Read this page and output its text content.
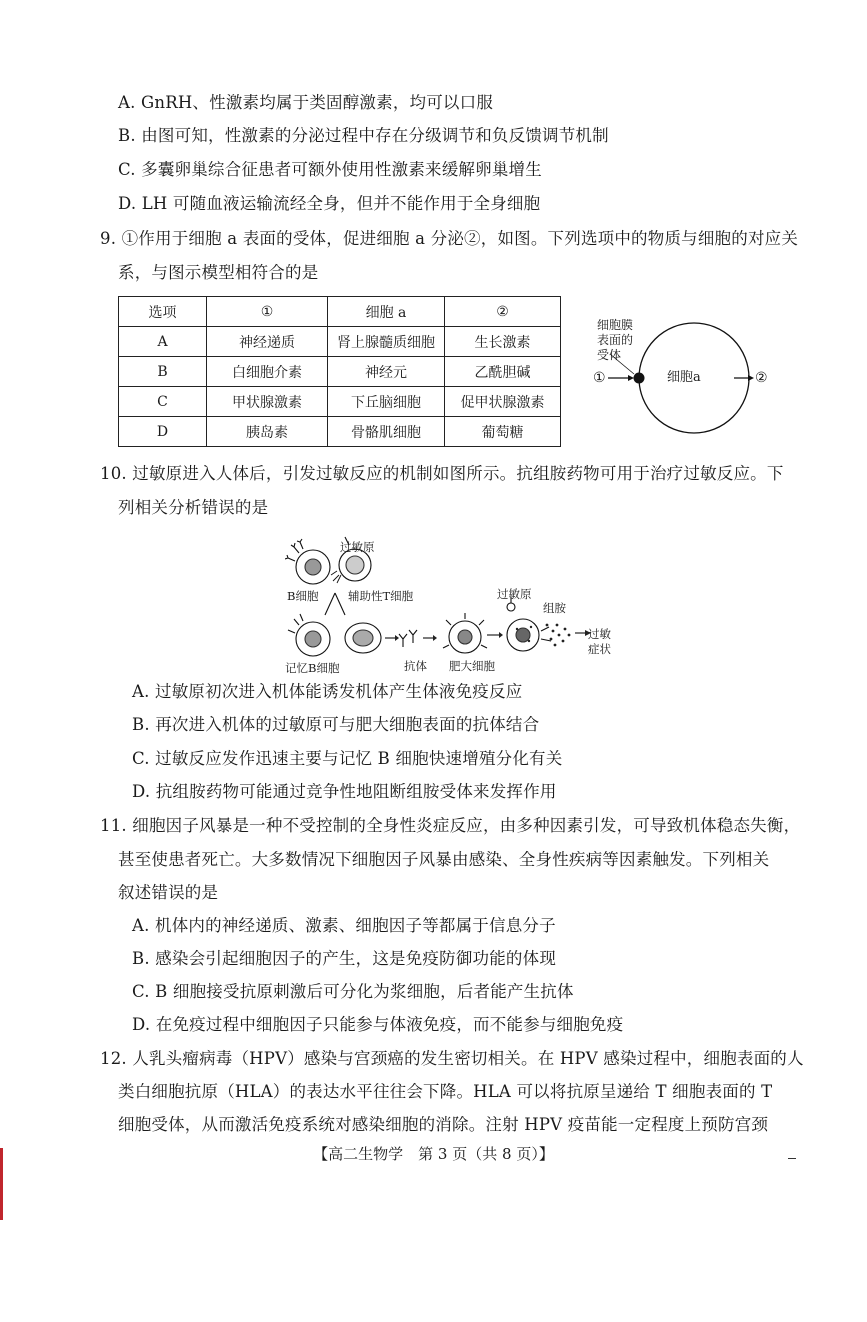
A. GnRH、性激素均属于类固醇激素，均可以口服
B. 由图可知，性激素的分泌过程中存在分级调节和负反馈调节机制
C. 多囊卵巢综合征患者可额外使用性激素来缓解卵巢增生
D. LH 可随血液运输流经全身，但并不能作用于全身细胞
9. ①作用于细胞 a 表面的受体，促进细胞 a 分泌②，如图。下列选项中的物质与细胞的对应关
系，与图示模型相符合的是
选项	①	细胞 a	②
A	神经递质	肾上腺髓质细胞	生长激素
B	白细胞介素	神经元	乙酰胆碱
C	甲状腺激素	下丘脑细胞	促甲状腺激素
D	胰岛素	骨骼肌细胞	葡萄糖
细胞膜
表面的
受体
①	细胞a	②
10. 过敏原进入人体后，引发过敏反应的机制如图所示。抗组胺药物可用于治疗过敏反应。下
列相关分析错误的是
过敏原
B细胞	辅助性T细胞
记忆B细胞	抗体 肥大细胞
过敏原
组胺
过敏
症状
A. 过敏原初次进入机体能诱发机体产生体液免疫反应
B. 再次进入机体的过敏原可与肥大细胞表面的抗体结合
C. 过敏反应发作迅速主要与记忆 B 细胞快速增殖分化有关
D. 抗组胺药物可能通过竞争性地阻断组胺受体来发挥作用
11. 细胞因子风暴是一种不受控制的全身性炎症反应，由多种因素引发，可导致机体稳态失衡，
甚至使患者死亡。大多数情况下细胞因子风暴由感染、全身性疾病等因素触发。下列相关
叙述错误的是
A. 机体内的神经递质、激素、细胞因子等都属于信息分子
B. 感染会引起细胞因子的产生，这是免疫防御功能的体现
C. B 细胞接受抗原刺激后可分化为浆细胞，后者能产生抗体
D. 在免疫过程中细胞因子只能参与体液免疫，而不能参与细胞免疫
12. 人乳头瘤病毒（HPV）感染与宫颈癌的发生密切相关。在 HPV 感染过程中，细胞表面的人
类白细胞抗原（HLA）的表达水平往往会下降。HLA 可以将抗原呈递给 T 细胞表面的 T
细胞受体，从而激活免疫系统对感染细胞的消除。注射 HPV 疫苗能一定程度上预防宫颈
【高二生物学　第 3 页（共 8 页）】
